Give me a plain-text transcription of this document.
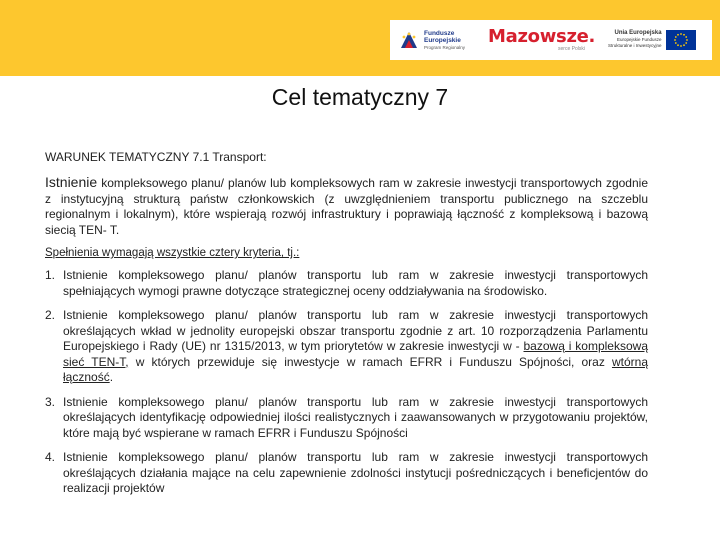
Fundusze
Europejskie
Program Regionalny Mazowsze.
serce Polski
Unia Europejska
Europejskie Fundusze
Strukturalne i Inwestycyjne
Cel tematyczny 7

WARUNEK TEMATYCZNY 7.1 Transport:

Istnienie kompleksowego planu/ planów lub kompleksowych ram w zakresie inwestycji transportowych zgodnie z instytucyjną strukturą państw członkowskich (z uwzględnieniem transportu publicznego na szczeblu regionalnym i lokalnym), które wspierają rozwój infrastruktury i poprawiają łączność z kompleksową i bazową siecią TEN- T.

Spełnienia wymagają wszystkie cztery kryteria, tj.:

1. Istnienie kompleksowego planu/ planów transportu lub ram w zakresie inwestycji transportowych spełniających wymogi prawne dotyczące strategicznej oceny oddziaływania na środowisko.
2. Istnienie kompleksowego planu/ planów transportu lub ram w zakresie inwestycji transportowych określających wkład w jednolity europejski obszar transportu zgodnie z art. 10 rozporządzenia Parlamentu Europejskiego i Rady (UE) nr 1315/2013, w tym priorytetów w zakresie inwestycji w - bazową i kompleksową sieć TEN-T, w których przewiduje się inwestycje w ramach EFRR i Funduszu Spójności, oraz wtórną łączność.
3. Istnienie kompleksowego planu/ planów transportu lub ram w zakresie inwestycji transportowych określających identyfikację odpowiedniej ilości realistycznych i zaawansowanych w przygotowaniu projektów, które mają być wspierane w ramach EFRR i Funduszu Spójności
4. Istnienie kompleksowego planu/ planów transportu lub ram w zakresie inwestycji transportowych określających działania mające na celu zapewnienie zdolności instytucji pośredniczących i beneficjentów do realizacji projektów
